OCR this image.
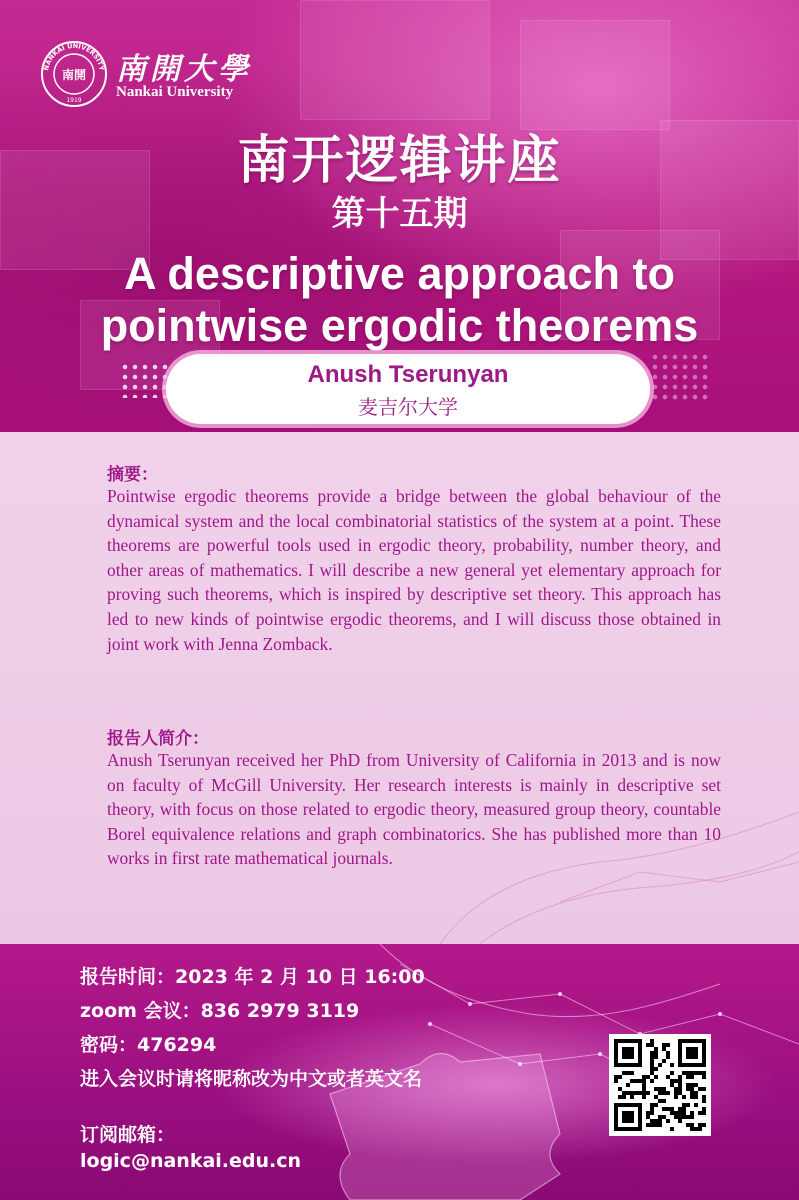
NANKAI UNIVERSITY
南開
1919
南開大學
Nankai University
南开逻辑讲座
第十五期
A descriptive approach to
pointwise ergodic theorems
Anush Tserunyan
麦吉尔大学
摘要：
Pointwise ergodic theorems provide a bridge between the global behaviour of the dynamical system and the local combinatorial statistics of the system at a point. These theorems are powerful tools used in ergodic theory, probability, number theory, and other areas of mathematics. I will describe a new general yet elementary approach for proving such theorems, which is inspired by descriptive set theory. This approach has led to new kinds of pointwise ergodic theorems, and I will discuss those obtained in joint work with Jenna Zomback.
报告人简介：
Anush Tserunyan received her PhD from University of California in 2013 and is now on faculty of McGill University. Her research interests is mainly in descriptive set theory, with focus on those related to ergodic theory, measured group theory, countable Borel equivalence relations and graph combinatorics. She has published more than 10 works in first rate mathematical journals.
报告时间：2023 年 2 月 10 日 16:00
zoom 会议：836 2979 3119
密码：476294
进入会议时请将昵称改为中文或者英文名
订阅邮箱：
logic@nankai.edu.cn
